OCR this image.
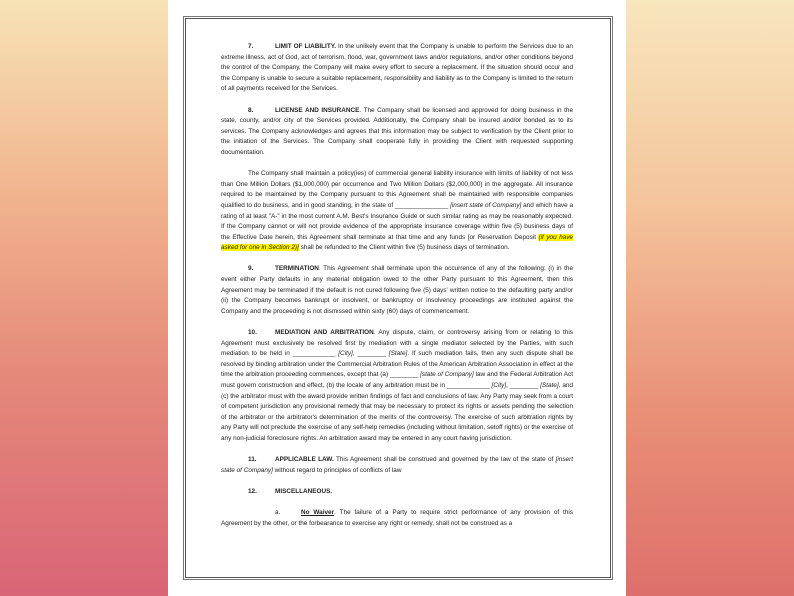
7.	LIMIT OF LIABILITY. In the unlikely event that the Company is unable to perform the Services due to an extreme illness, act of God, act of terrorism, flood, war, government laws and/or regulations, and/or other conditions beyond the control of the Company, the Company will make every effort to secure a replacement. If the situation should occur and the Company is unable to secure a suitable replacement, responsibility and liability as to the Company is limited to the return of all payments received for the Services.

8.	LICENSE AND INSURANCE. The Company shall be licensed and approved for doing business in the state, county, and/or city of the Services provided. Additionally, the Company shall be insured and/or bonded as to its services. The Company acknowledges and agrees that this information may be subject to verification by the Client prior to the initiation of the Services. The Company shall cooperate fully in providing the Client with requested supporting documentation.

The Company shall maintain a policy(ies) of commercial general liability insurance with limits of liability of not less than One Million Dollars ($1,000,000) per occurrence and Two Million Dollars ($2,000,000) in the aggregate. All insurance required to be maintained by the Company pursuant to this Agreement shall be maintained with responsible companies qualified to do business, and in good standing, in the state of _______________ [insert state of Company] and which have a rating of at least "A-" in the most current A.M. Best's Insurance Guide or such similar rating as may be reasonably expected. If the Company cannot or will not provide evidence of the appropriate insurance coverage within five (5) business days of the Effective Date herein, this Agreement shall terminate at that time and any funds [or Reservation Deposit (if you have asked for one in Section 2)] shall be refunded to the Client within five (5) business days of termination.

9.	TERMINATION. This Agreement shall terminate upon the occurrence of any of the following: (i) in the event either Party defaults in any material obligation owed to the other Party pursuant to this Agreement, then this Agreement may be terminated if the default is not cured following five (5) days' written notice to the defaulting party and/or (ii) the Company becomes bankrupt or insolvent, or bankruptcy or insolvency proceedings are instituted against the Company and the proceeding is not dismissed within sixty (60) days of commencement.

10.	MEDIATION AND ARBITRATION. Any dispute, claim, or controversy arising from or relating to this Agreement must exclusively be resolved first by mediation with a single mediator selected by the Parties, with such mediation to be held in ____________ [City], ________ [State]. If such mediation fails, then any such dispute shall be resolved by binding arbitration under the Commercial Arbitration Rules of the American Arbitration Association in effect at the time the arbitration proceeding commences, except that (a) ________ [state of Company] law and the Federal Arbitration Act must govern construction and effect, (b) the locale of any arbitration must be in ____________ [City], ________ [State], and (c) the arbitrator must with the award provide written findings of fact and conclusions of law. Any Party may seek from a court of competent jurisdiction any provisional remedy that may be necessary to protect its rights or assets pending the selection of the arbitrator or the arbitrator's determination of the merits of the controversy. The exercise of such arbitration rights by any Party will not preclude the exercise of any self-help remedies (including without limitation, setoff rights) or the exercise of any non-judicial foreclosure rights. An arbitration award may be entered in any court having jurisdiction.

11.	APPLICABLE LAW. This Agreement shall be construed and governed by the law of the state of [insert state of Company] without regard to principles of conflicts of law

12.	MISCELLANEOUS.

a.	No Waiver. The failure of a Party to require strict performance of any provision of this Agreement by the other, or the forbearance to exercise any right or remedy, shall not be construed as a
